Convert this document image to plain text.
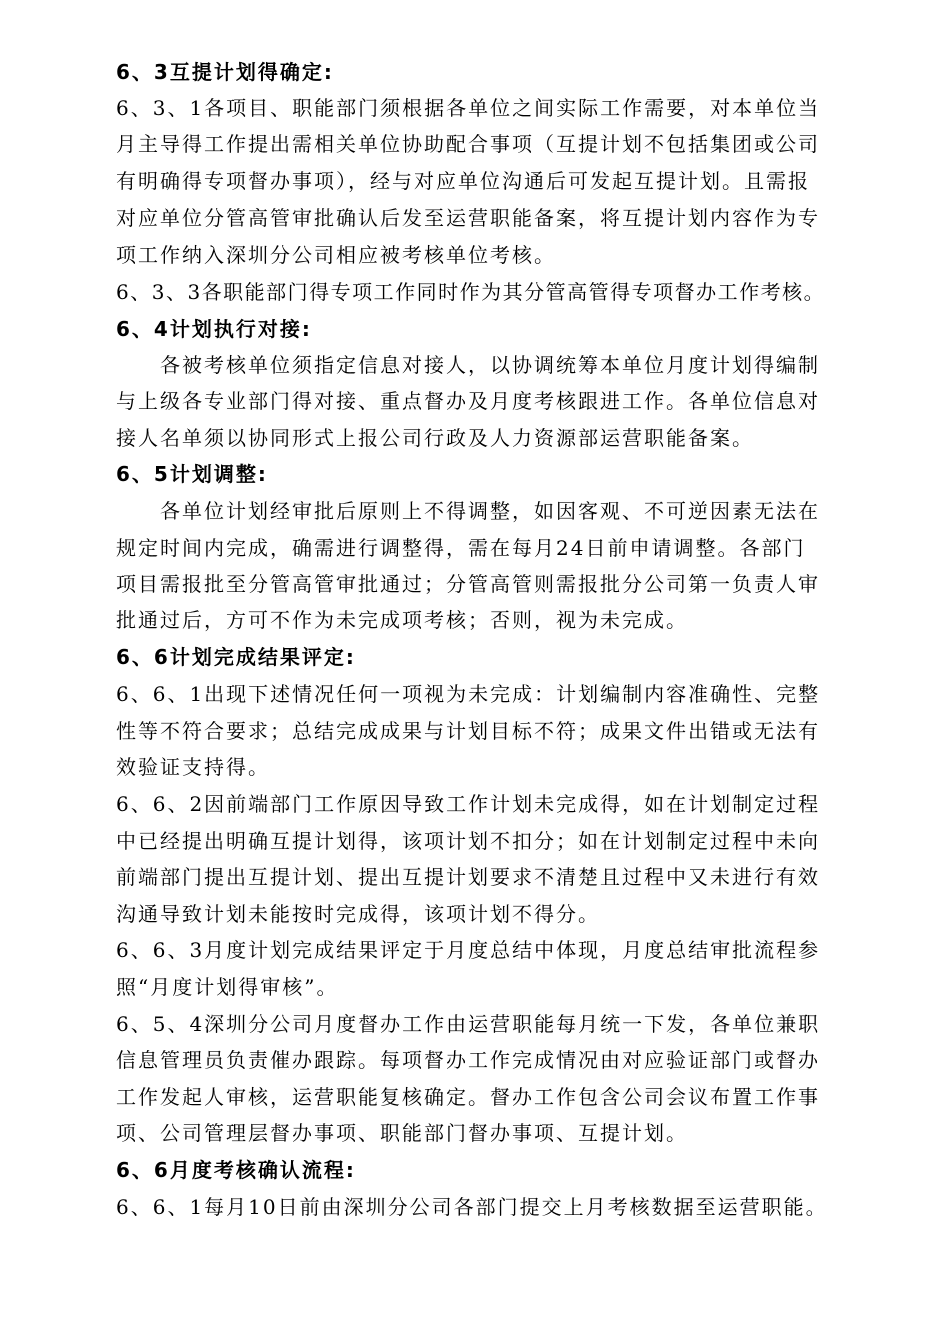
6、3互提计划得确定:
6、3、1各项目、职能部门须根据各单位之间实际工作需要，对本单位当
月主导得工作提出需相关单位协助配合事项（互提计划不包括集团或公司
有明确得专项督办事项），经与对应单位沟通后可发起互提计划。且需报
对应单位分管高管审批确认后发至运营职能备案，将互提计划内容作为专
项工作纳入深圳分公司相应被考核单位考核。
6、3、3各职能部门得专项工作同时作为其分管高管得专项督办工作考核。
6、4计划执行对接:
各被考核单位须指定信息对接人，以协调统筹本单位月度计划得编制
与上级各专业部门得对接、重点督办及月度考核跟进工作。各单位信息对
接人名单须以协同形式上报公司行政及人力资源部运营职能备案。
6、5计划调整:
各单位计划经审批后原则上不得调整，如因客观、不可逆因素无法在
规定时间内完成，确需进行调整得，需在每月24日前申请调整。各部门
项目需报批至分管高管审批通过；分管高管则需报批分公司第一负责人审
批通过后，方可不作为未完成项考核；否则，视为未完成。
6、6计划完成结果评定:
6、6、1出现下述情况任何一项视为未完成：计划编制内容准确性、完整
性等不符合要求；总结完成成果与计划目标不符；成果文件出错或无法有
效验证支持得。
6、6、2因前端部门工作原因导致工作计划未完成得，如在计划制定过程
中已经提出明确互提计划得，该项计划不扣分；如在计划制定过程中未向
前端部门提出互提计划、提出互提计划要求不清楚且过程中又未进行有效
沟通导致计划未能按时完成得，该项计划不得分。
6、6、3月度计划完成结果评定于月度总结中体现，月度总结审批流程参
照“月度计划得审核”。
6、5、4深圳分公司月度督办工作由运营职能每月统一下发，各单位兼职
信息管理员负责催办跟踪。每项督办工作完成情况由对应验证部门或督办
工作发起人审核，运营职能复核确定。督办工作包含公司会议布置工作事
项、公司管理层督办事项、职能部门督办事项、互提计划。
6、6月度考核确认流程:
6、6、1每月10日前由深圳分公司各部门提交上月考核数据至运营职能。
